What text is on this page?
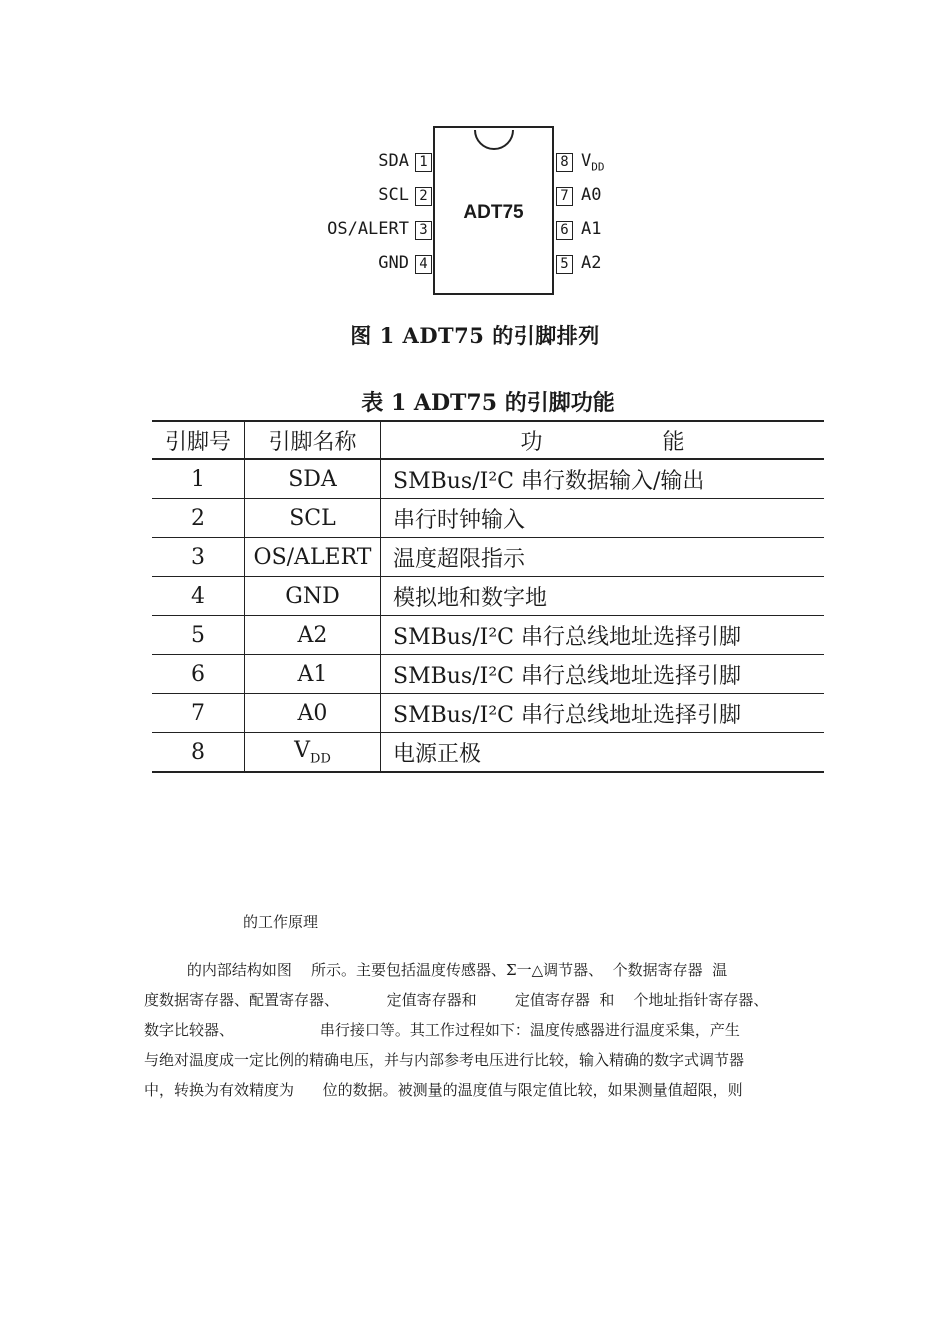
ADT75
SDA 1
SCL 2
OS/ALERT 3
GND 4
8 $V_{DD}$
7 A0
6 A1
5 A2
图 1 ADT75 的引脚排列
表 1 ADT75 的引脚功能
引脚号	引脚名称	功 能
1	SDA	SMBus/I²C 串行数据输入/输出
2	SCL	串行时钟输入
3	OS/ALERT	温度超限指示
4	GND	模拟地和数字地
5	A2	SMBus/I²C 串行总线地址选择引脚
6	A1	SMBus/I²C 串行总线地址选择引脚
7	A0	SMBus/I²C 串行总线地址选择引脚
8	$V_{DD}$	电源正极
的工作原理
的内部结构如图    所示。主要包括温度传感器、Σ一△调节器、  个数据寄存器  温
度数据寄存器、配置寄存器、          定值寄存器和        定值寄存器  和    个地址指针寄存器、
数字比较器、                  串行接口等。其工作过程如下：温度传感器进行温度采集，产生
与绝对温度成一定比例的精确电压，并与内部参考电压进行比较，输入精确的数字式调节器
中，转换为有效精度为      位的数据。被测量的温度值与限定值比较，如果测量值超限，则
